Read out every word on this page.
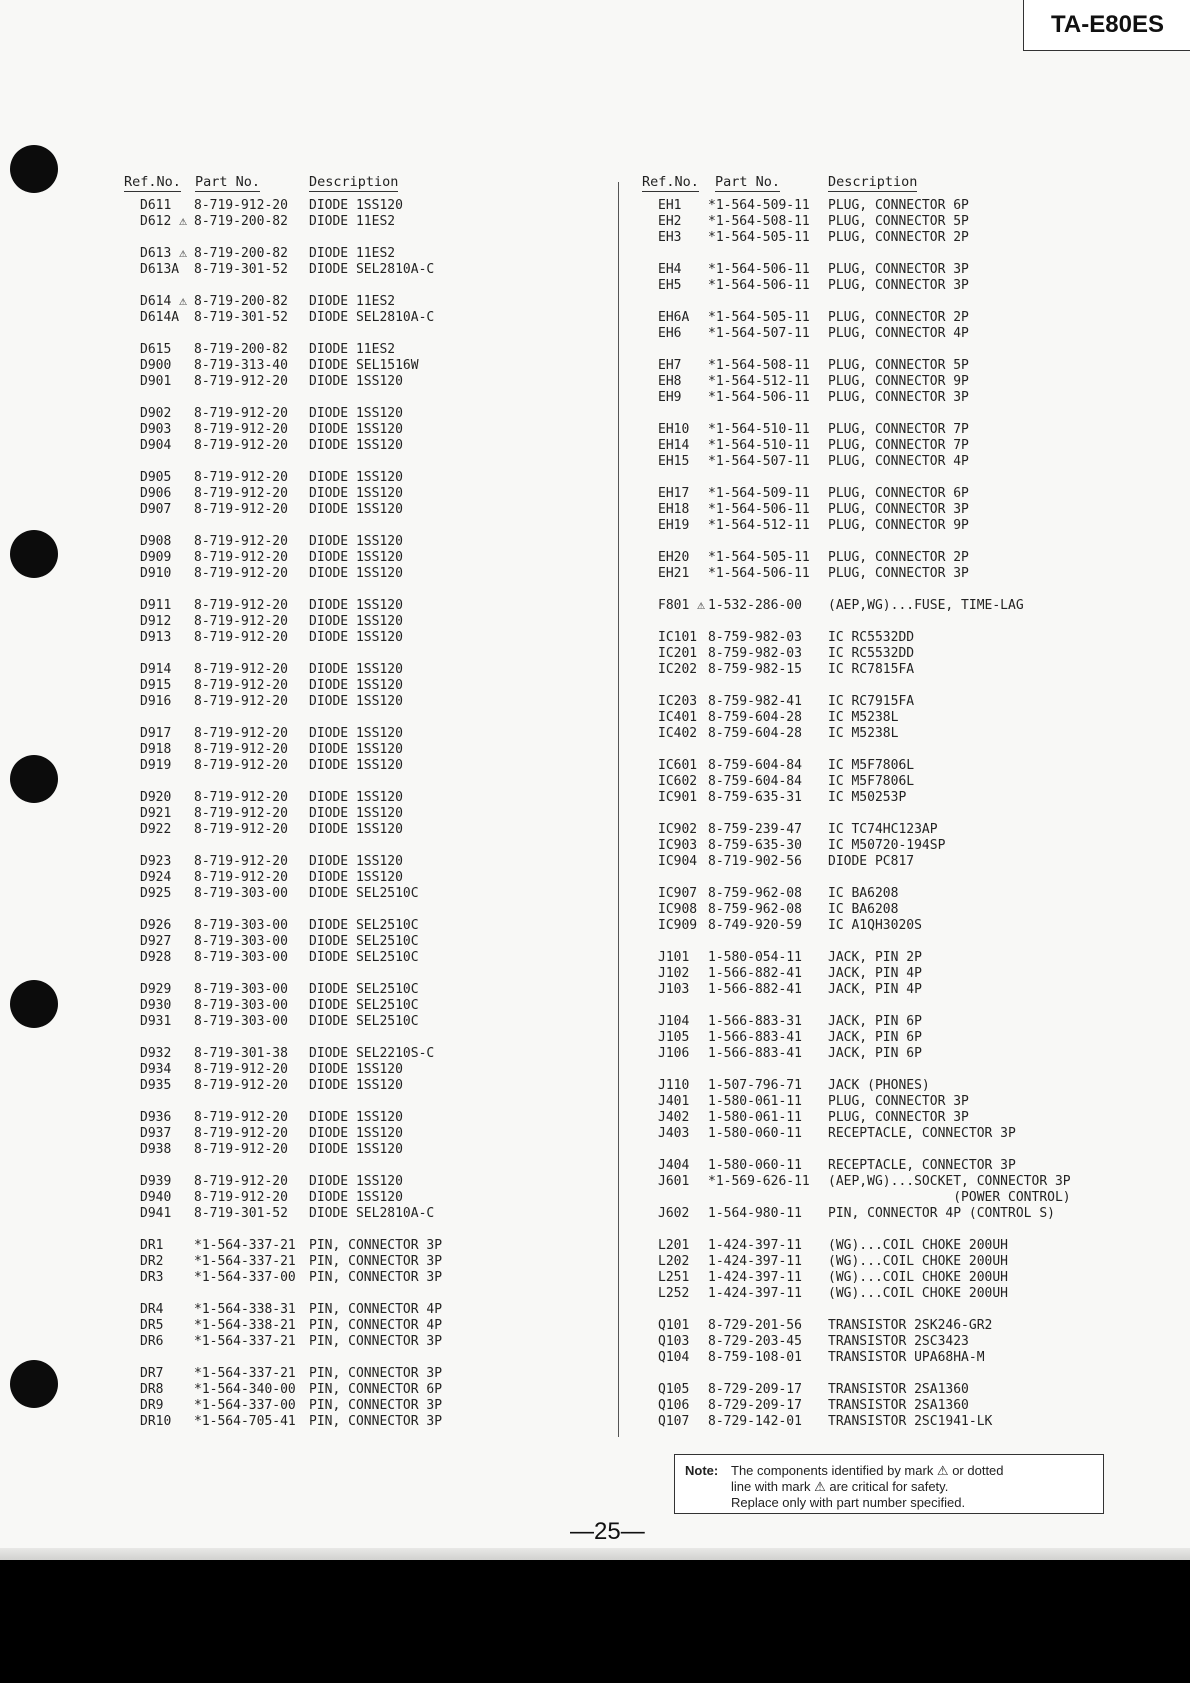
TA-E80ES
Ref.No. Part No.	Description
D611 8-719-912-20 DIODE 1SS120
D612 ⚠ 8-719-200-82 DIODE 11ES2
D613 ⚠ 8-719-200-82 DIODE 11ES2
D613A 8-719-301-52 DIODE SEL2810A-C
D614 ⚠ 8-719-200-82 DIODE 11ES2
D614A 8-719-301-52 DIODE SEL2810A-C
D615 8-719-200-82 DIODE 11ES2
D900 8-719-313-40 DIODE SEL1516W
D901 8-719-912-20 DIODE 1SS120
D902 8-719-912-20 DIODE 1SS120
D903 8-719-912-20 DIODE 1SS120
D904 8-719-912-20 DIODE 1SS120
D905 8-719-912-20 DIODE 1SS120
D906 8-719-912-20 DIODE 1SS120
D907 8-719-912-20 DIODE 1SS120
D908 8-719-912-20 DIODE 1SS120
D909 8-719-912-20 DIODE 1SS120
D910 8-719-912-20 DIODE 1SS120
D911 8-719-912-20 DIODE 1SS120
D912 8-719-912-20 DIODE 1SS120
D913 8-719-912-20 DIODE 1SS120
D914 8-719-912-20 DIODE 1SS120
D915 8-719-912-20 DIODE 1SS120
D916 8-719-912-20 DIODE 1SS120
D917 8-719-912-20 DIODE 1SS120
D918 8-719-912-20 DIODE 1SS120
D919 8-719-912-20 DIODE 1SS120
D920 8-719-912-20 DIODE 1SS120
D921 8-719-912-20 DIODE 1SS120
D922 8-719-912-20 DIODE 1SS120
D923 8-719-912-20 DIODE 1SS120
D924 8-719-912-20 DIODE 1SS120
D925 8-719-303-00 DIODE SEL2510C
D926 8-719-303-00 DIODE SEL2510C
D927 8-719-303-00 DIODE SEL2510C
D928 8-719-303-00 DIODE SEL2510C
D929 8-719-303-00 DIODE SEL2510C
D930 8-719-303-00 DIODE SEL2510C
D931 8-719-303-00 DIODE SEL2510C
D932 8-719-301-38 DIODE SEL2210S-C
D934 8-719-912-20 DIODE 1SS120
D935 8-719-912-20 DIODE 1SS120
D936 8-719-912-20 DIODE 1SS120
D937 8-719-912-20 DIODE 1SS120
D938 8-719-912-20 DIODE 1SS120
D939 8-719-912-20 DIODE 1SS120
D940 8-719-912-20 DIODE 1SS120
D941 8-719-301-52 DIODE SEL2810A-C
DR1 *1-564-337-21 PIN, CONNECTOR 3P
DR2 *1-564-337-21 PIN, CONNECTOR 3P
DR3 *1-564-337-00 PIN, CONNECTOR 3P
DR4 *1-564-338-31 PIN, CONNECTOR 4P
DR5 *1-564-338-21 PIN, CONNECTOR 4P
DR6 *1-564-337-21 PIN, CONNECTOR 3P
DR7 *1-564-337-21 PIN, CONNECTOR 3P
DR8 *1-564-340-00 PIN, CONNECTOR 6P
DR9 *1-564-337-00 PIN, CONNECTOR 3P
DR10 *1-564-705-41 PIN, CONNECTOR 3P
Ref.No. Part No.	Description
EH1 *1-564-509-11 PLUG, CONNECTOR 6P
EH2 *1-564-508-11 PLUG, CONNECTOR 5P
EH3 *1-564-505-11 PLUG, CONNECTOR 2P
EH4 *1-564-506-11 PLUG, CONNECTOR 3P
EH5 *1-564-506-11 PLUG, CONNECTOR 3P
EH6A *1-564-505-11 PLUG, CONNECTOR 2P
EH6 *1-564-507-11 PLUG, CONNECTOR 4P
EH7 *1-564-508-11 PLUG, CONNECTOR 5P
EH8 *1-564-512-11 PLUG, CONNECTOR 9P
EH9 *1-564-506-11 PLUG, CONNECTOR 3P
EH10 *1-564-510-11 PLUG, CONNECTOR 7P
EH14 *1-564-510-11 PLUG, CONNECTOR 7P
EH15 *1-564-507-11 PLUG, CONNECTOR 4P
EH17 *1-564-509-11 PLUG, CONNECTOR 6P
EH18 *1-564-506-11 PLUG, CONNECTOR 3P
EH19 *1-564-512-11 PLUG, CONNECTOR 9P
EH20 *1-564-505-11 PLUG, CONNECTOR 2P
EH21 *1-564-506-11 PLUG, CONNECTOR 3P
F801 ⚠ 1-532-286-00 (AEP,WG)...FUSE, TIME-LAG
IC101 8-759-982-03 IC RC5532DD
IC201 8-759-982-03 IC RC5532DD
IC202 8-759-982-15 IC RC7815FA
IC203 8-759-982-41 IC RC7915FA
IC401 8-759-604-28 IC M5238L
IC402 8-759-604-28 IC M5238L
IC601 8-759-604-84 IC M5F7806L
IC602 8-759-604-84 IC M5F7806L
IC901 8-759-635-31 IC M50253P
IC902 8-759-239-47 IC TC74HC123AP
IC903 8-759-635-30 IC M50720-194SP
IC904 8-719-902-56 DIODE PC817
IC907 8-759-962-08 IC BA6208
IC908 8-759-962-08 IC BA6208
IC909 8-749-920-59 IC A1QH3020S
J101 1-580-054-11 JACK, PIN 2P
J102 1-566-882-41 JACK, PIN 4P
J103 1-566-882-41 JACK, PIN 4P
J104 1-566-883-31 JACK, PIN 6P
J105 1-566-883-41 JACK, PIN 6P
J106 1-566-883-41 JACK, PIN 6P
J110 1-507-796-71 JACK (PHONES)
J401 1-580-061-11 PLUG, CONNECTOR 3P
J402 1-580-061-11 PLUG, CONNECTOR 3P
J403 1-580-060-11 RECEPTACLE, CONNECTOR 3P
J404 1-580-060-11 RECEPTACLE, CONNECTOR 3P
J601 *1-569-626-11 (AEP,WG)...SOCKET, CONNECTOR 3P
(POWER CONTROL)
J602 1-564-980-11 PIN, CONNECTOR 4P (CONTROL S)
L201 1-424-397-11 (WG)...COIL CHOKE 200UH
L202 1-424-397-11 (WG)...COIL CHOKE 200UH
L251 1-424-397-11 (WG)...COIL CHOKE 200UH
L252 1-424-397-11 (WG)...COIL CHOKE 200UH
Q101 8-729-201-56 TRANSISTOR 2SK246-GR2
Q103 8-729-203-45 TRANSISTOR 2SC3423
Q104 8-759-108-01 TRANSISTOR UPA68HA-M
Q105 8-729-209-17 TRANSISTOR 2SA1360
Q106 8-729-209-17 TRANSISTOR 2SA1360
Q107 8-729-142-01 TRANSISTOR 2SC1941-LK
Note: The components identified by mark ⚠ or dotted
line with mark ⚠ are critical for safety.
Replace only with part number specified.
—25—
